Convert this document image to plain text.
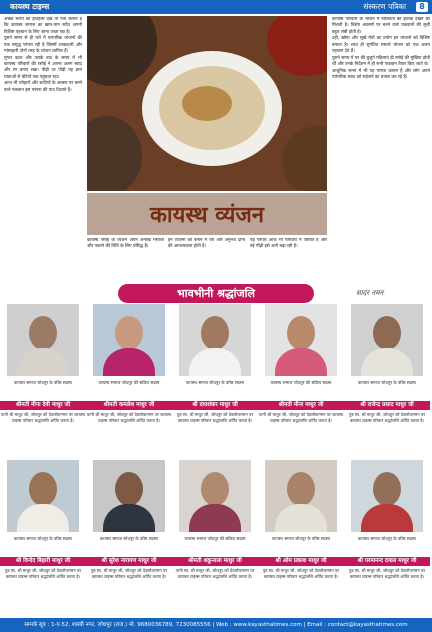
कायस्थ टाइम्स	संस्करण पत्रिका	8

अखंड भारत का इतिहास देखें तो पता चलता है कि कायस्थ समाज का खान-पान सदैव अपनी विशिष्ट पहचान के लिए जाना जाता रहा है।

पुराने समय से ही घरों में पारंपरिक व्यंजनों की एक समृद्ध परंपरा रही है जिसमें शाकाहारी और मांसाहारी दोनों तरह के व्यंजन शामिल हैं।

मुगल काल और उसके बाद के समय में भी कायस्थ परिवारों की रसोई ने अपना अलग स्वाद और रंग बनाए रखा। पीढ़ी दर पीढ़ी यह ज्ञान माताओं से बेटियों तक पहुंचता रहा।

आज भी त्योहारों और शादियों के अवसर पर बनने वाले पकवान इस परंपरा की याद दिलाते हैं।

कायस्थ व्यंजन

कायस्थ रसोई के व्यंजन अपने अनोखे मसालों और पकाने की विधि के लिए प्रसिद्ध हैं।

इन व्यंजनों को बनाने में धैर्य और अनुभव दोनों की आवश्यकता होती है।

यह परंपरा आज भी परिवारों में जीवित है और नई पीढ़ी इसे आगे बढ़ा रही है।

कायस्थ परिवारों के भोजन में विविधता की झलक देखने को मिलती है। विशेष अवसरों पर बनने वाले पकवानों की सूची बहुत लंबी होती है।

दही, खोया और सूखे मेवों का प्रयोग इन व्यंजनों को विशिष्ट बनाता है। साथ ही सुगंधित मसाले भोजन को एक अलग पहचान देते हैं।

पुराने समय में घर की बुजुर्ग महिलाएं ही रसोई की मुखिया होती थीं और उनके निर्देशन में ही सभी पकवान तैयार किए जाते थे।

आधुनिक समय में भी यह परंपरा कायम है और लोग अपने पारंपरिक स्वाद को सहेजने का प्रयास कर रहे हैं।

भावभीनी श्रद्धांजलि	सादर नमन
कायस्थ समाज जोधपुर के वरिष्ठ सदस्य
श्रीमती मीना देवी माथुर जी
पत्नी श्री माथुर जी, जोधपुर को देवलोकगमन पर कायस्थ टाइम्स परिवार श्रद्धांजलि अर्पित करता है।
कायस्थ समाज जोधपुर की सक्रिय सदस्य
श्रीमती कमलेश माथुर जी
पत्नी श्री माथुर जी, जोधपुर को देवलोकगमन पर कायस्थ टाइम्स परिवार श्रद्धांजलि अर्पित करता है।
कायस्थ समाज जोधपुर के वरिष्ठ सदस्य
श्री दयाशंकर माथुर जी
पुत्र स्व. श्री माथुर जी, जोधपुर को देवलोकगमन पर कायस्थ टाइम्स परिवार श्रद्धांजलि अर्पित करता है।
कायस्थ समाज जोधपुर की सक्रिय सदस्य
श्रीमती मीना माथुर जी
पत्नी श्री माथुर जी, जोधपुर को देवलोकगमन पर कायस्थ टाइम्स परिवार श्रद्धांजलि अर्पित करता है।
कायस्थ समाज जोधपुर के वरिष्ठ सदस्य
श्री राजेन्द्र प्रसाद माथुर जी
पुत्र स्व. श्री माथुर जी, जोधपुर को देवलोकगमन पर कायस्थ टाइम्स परिवार श्रद्धांजलि अर्पित करता है।
कायस्थ समाज जोधपुर के वरिष्ठ सदस्य
श्री विनोद बिहारी माथुर जी
पुत्र स्व. श्री माथुर जी, जोधपुर को देवलोकगमन पर कायस्थ टाइम्स परिवार श्रद्धांजलि अर्पित करता है।
कायस्थ समाज जोधपुर के वरिष्ठ सदस्य
श्री सुरेश नारायण माथुर जी
पुत्र स्व. श्री माथुर जी, जोधपुर को देवलोकगमन पर कायस्थ टाइम्स परिवार श्रद्धांजलि अर्पित करता है।
कायस्थ समाज जोधपुर की सक्रिय सदस्य
श्रीमती शकुन्तला माथुर जी
पत्नी स्व. श्री माथुर जी, जोधपुर को देवलोकगमन पर कायस्थ टाइम्स परिवार श्रद्धांजलि अर्पित करता है।
कायस्थ समाज जोधपुर के वरिष्ठ सदस्य
श्री ओम प्रकाश माथुर जी
पुत्र स्व. श्री माथुर जी, जोधपुर को देवलोकगमन पर कायस्थ टाइम्स परिवार श्रद्धांजलि अर्पित करता है।
कायस्थ समाज जोधपुर के वरिष्ठ सदस्य
श्री परमानन्द दयाल माथुर जी
पुत्र स्व. श्री माथुर जी, जोधपुर को देवलोकगमन पर कायस्थ टाइम्स परिवार श्रद्धांजलि अर्पित करता है।
सम्पर्क सूत्र : 1-ए-52, शास्त्री नगर, जोधपुर (राज.) मो. 9680036789, 7230085556 | Web : www.kayasthatimes.com | Email : contact@kayasthatimes.com
